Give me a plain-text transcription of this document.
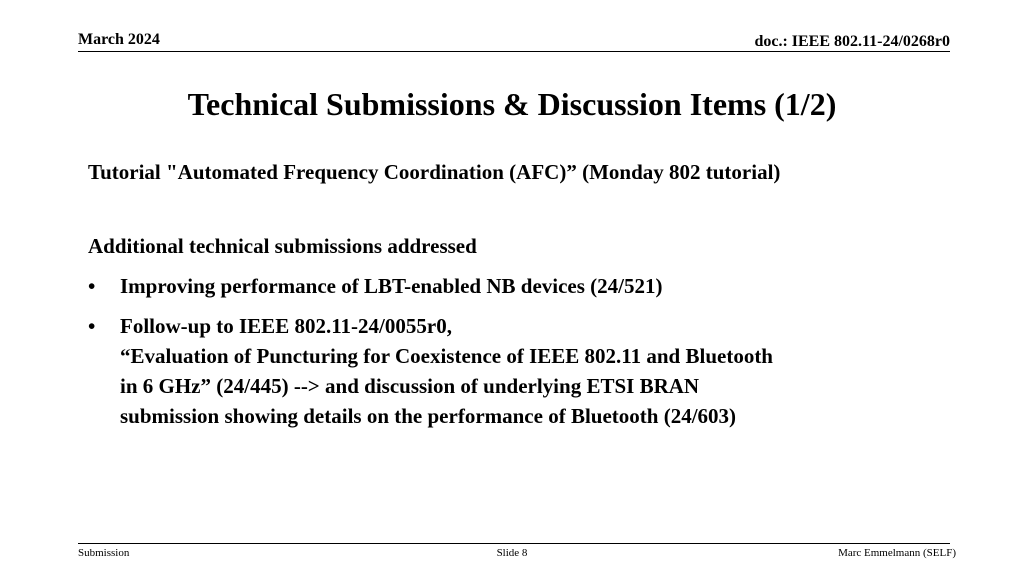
March 2024	doc.: IEEE 802.11-24/0268r0
Technical Submissions & Discussion Items (1/2)

Tutorial "Automated Frequency Coordination (AFC)” (Monday 802 tutorial)

Additional technical submissions addressed

•	Improving performance of LBT-enabled NB devices (24/521)
•	Follow-up to IEEE 802.11-24/0055r0,
“Evaluation of Puncturing for Coexistence of IEEE 802.11 and Bluetooth
in 6 GHz” (24/445) --> and discussion of underlying ETSI BRAN
submission showing details on the performance of Bluetooth (24/603)
Submission	Slide 8	Marc Emmelmann (SELF)
